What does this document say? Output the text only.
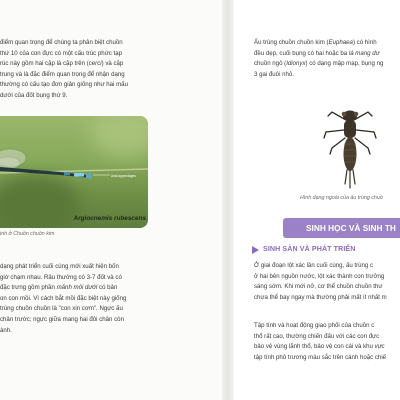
điểm quan trọng để chúng ta phân biệt chuồn
thứ 10 của con đực có một cấu trúc phức tạp
rúc này gồm hai cặp là cặp trên (cerci) và cặp
trung và là đặc điểm quan trọng để nhận dạng
thường có cấu tạo đơn giản giống như hai mấu
dưới của đốt bụng thứ 9.
Anal appendages
Argiocnemis rubescens
inh ở Chuồn chuồn kim
dạng phát triển cuối cùng mới xuất hiện bốn
giờ chạm nhau. Râu thường có 3-7 đốt và có
đặc trưng gồm phần mảnh môi dưới có bản
on con mồi. Vì cách bắt mồi đặc biệt này giống
trùng chuồn chuồn là "con xin cơm". Ngực ấu
chân trước; ngực giữa mang hai đôi chân còn
ành.
Ấu trùng chuồn chuồn kim (Euphaea) có hình
đều dẹp, cuối bụng có hai hoặc ba lá mang dư
chuồn ngô (Idionyx) có dạng mập mạp, bụng ng
3 gai đuôi nhỏ.
Hình dạng ngoài của ấu trùng chuồ
SINH HỌC VÀ SINH TH
SINH SẢN VÀ PHÁT TRIỂN
Ở giai đoạn lột xác lần cuối cùng, ấu trùng c
ở hai bên nguồn nước, lột xác thành con trưởng
sáng sớm. Khi mới nở, cơ thể chuồn chuồn thư
chưa thể bay ngay mà thường phải mất ít nhất m
Tập tính và hoạt động giao phối của chuồn c
thổ rất cao, thường chiến đấu với các con đực
bảo vệ vùng lãnh thổ, bảo vệ con cái và khu vực
tập tính phô trương màu sắc trên cánh hoặc chiế
